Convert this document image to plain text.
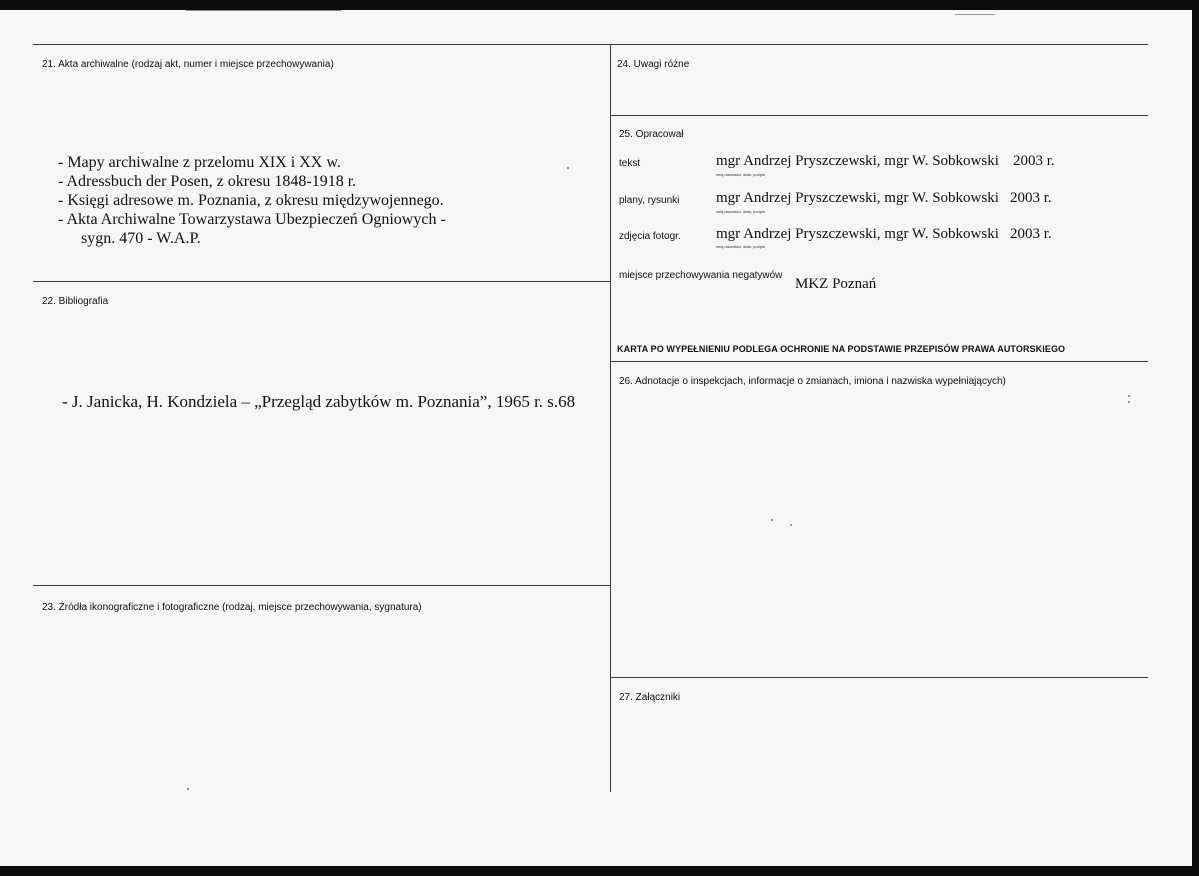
21. Akta archiwalne (rodzaj akt, numer i miejsce przechowywania)
- Mapy archiwalne z przelomu XIX i XX w.
- Adressbuch der Posen, z okresu 1848-1918 r.
- Księgi adresowe m. Poznania, z okresu międzywojennego.
- Akta Archiwalne Towarzystawa Ubezpieczeń Ogniowych -
sygn. 470 - W.A.P.
22. Bibliografia
- J. Janicka, H. Kondziela – „Przegląd zabytków m. Poznania”, 1965 r. s.68
23. Źródła ikonograficzne i fotograficzne (rodzaj, miejsce przechowywania, sygnatura)
24. Uwagi różne
25. Opracował
tekst	mgr Andrzej Pryszczewski, mgr W. Sobkowski 2003 r.
imię,nazwisko, data, podpis
plany, rysunki mgr Andrzej Pryszczewski, mgr W. Sobkowski 2003 r.
imię,nazwisko, data, podpis
zdjęcia fotogr. mgr Andrzej Pryszczewski, mgr W. Sobkowski 2003 r.
imię,nazwisko, data, podpis
miejsce przechowywania negatywów
MKZ Poznań
KARTA PO WYPEŁNIENIU PODLEGA OCHRONIE NA PODSTAWIE PRZEPISÓW PRAWA AUTORSKIEGO
26. Adnotacje o inspekcjach, informacje o zmianach, imiona i nazwiska wypełniających)
27. Załączniki
